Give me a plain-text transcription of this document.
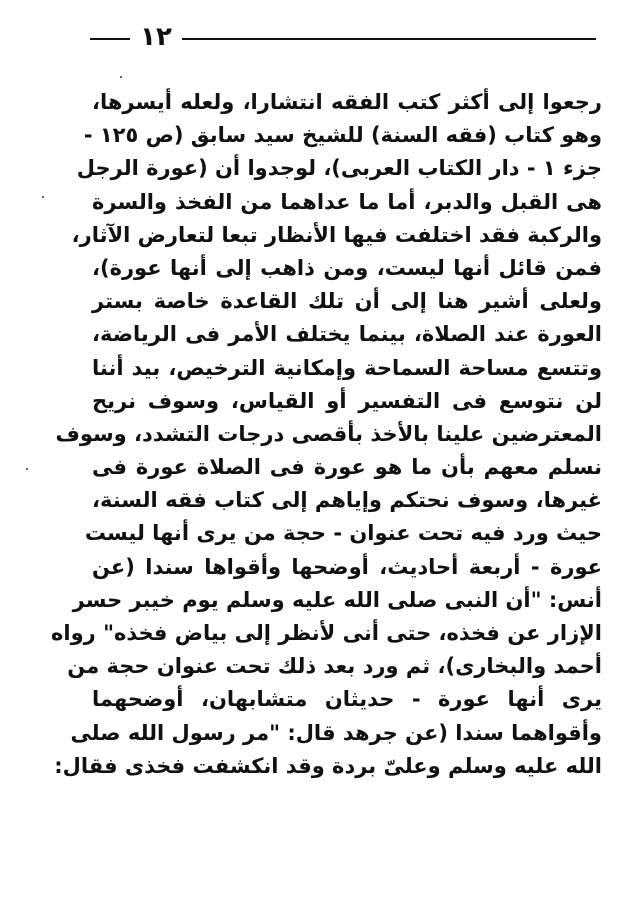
١٢
رجعوا إلى أكثر كتب الفقه انتشارا، ولعله أيسرها،
وهو كتاب (فقه السنة) للشيخ سيد سابق (ص ١٢٥ -
جزء ١ - دار الكتاب العربى)، لوجدوا أن (عورة الرجل
هى القبل والدبر، أما ما عداهما من الفخذ والسرة
والركبة فقد اختلفت فيها الأنظار تبعا لتعارض الآثار،
فمن قائل أنها ليست، ومن ذاهب إلى أنها عورة)،
ولعلى أشير هنا إلى أن تلك القاعدة خاصة بستر
العورة عند الصلاة، بينما يختلف الأمر فى الرياضة،
وتتسع مساحة السماحة وإمكانية الترخيص، بيد أننا
لن نتوسع فى التفسير أو القياس، وسوف نريح
المعترضين علينا بالأخذ بأقصى درجات التشدد، وسوف
نسلم معهم بأن ما هو عورة فى الصلاة عورة فى
غيرها، وسوف نحتكم وإياهم إلى كتاب فقه السنة،
حيث ورد فيه تحت عنوان - حجة من يرى أنها ليست
عورة - أربعة أحاديث، أوضحها وأقواها سندا (عن
أنس: "أن النبى صلى الله عليه وسلم يوم خيبر حسر
الإزار عن فخذه، حتى أنى لأنظر إلى بياض فخذه" رواه
أحمد والبخارى)، ثم ورد بعد ذلك تحت عنوان حجة من
يرى أنها عورة - حديثان متشابهان، أوضحهما
وأقواهما سندا (عن جرهد قال: "مر رسول الله صلى
الله عليه وسلم وعلىّ بردة وقد انكشفت فخذى فقال:
